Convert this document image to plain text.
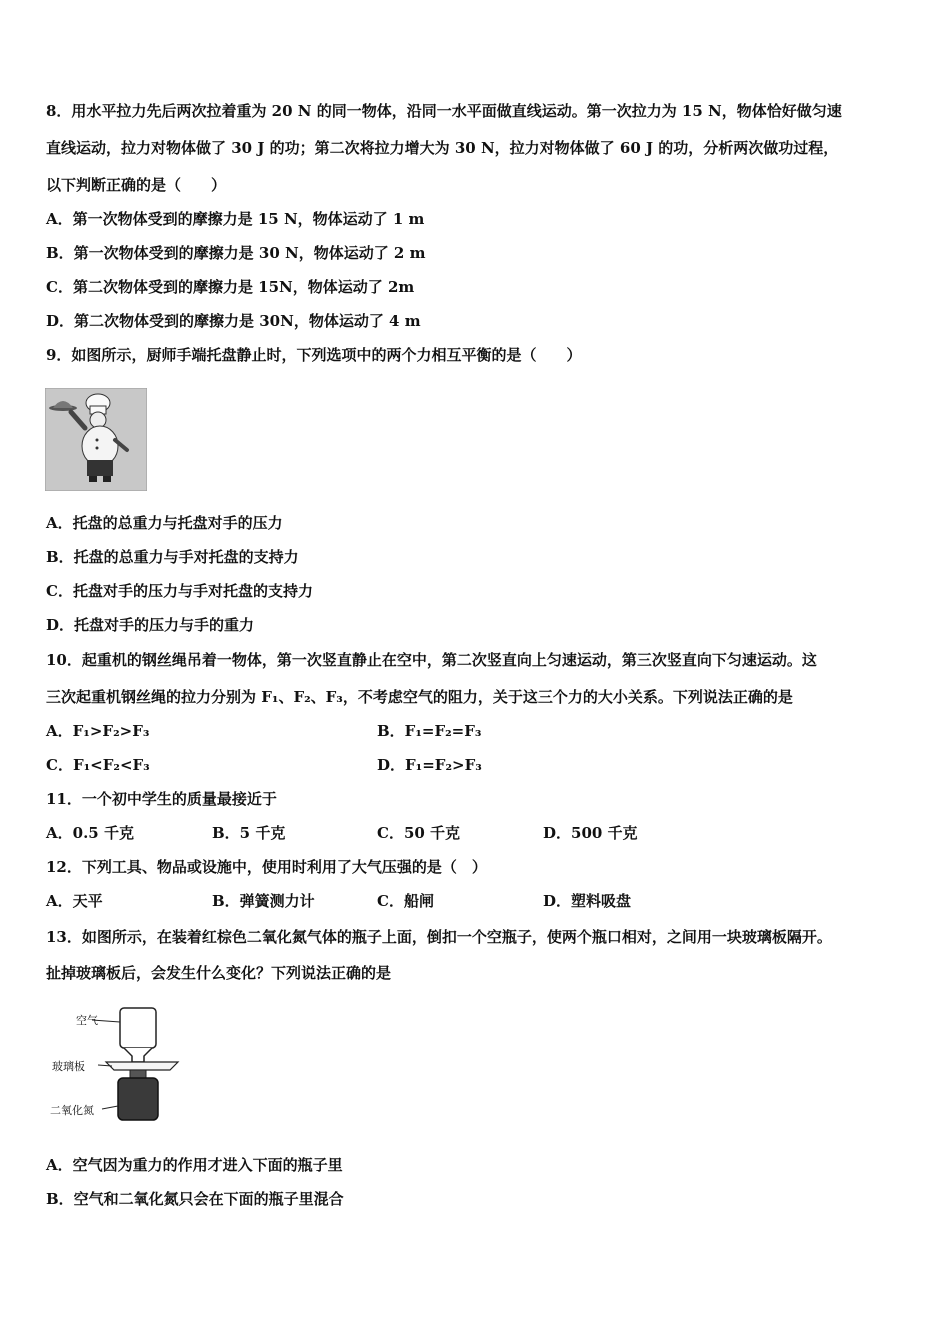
8．用水平拉力先后两次拉着重为 20 N 的同一物体，沿同一水平面做直线运动。第一次拉力为 15 N，物体恰好做匀速
直线运动，拉力对物体做了 30 J 的功；第二次将拉力增大为 30 N，拉力对物体做了 60 J 的功，分析两次做功过程，
以下判断正确的是（　　）
A．第一次物体受到的摩擦力是 15 N，物体运动了 1 m
B．第一次物体受到的摩擦力是 30 N，物体运动了 2 m
C．第二次物体受到的摩擦力是 15N，物体运动了 2m
D．第二次物体受到的摩擦力是 30N，物体运动了 4 m
9．如图所示，厨师手端托盘静止时，下列选项中的两个力相互平衡的是（　　）
A．托盘的总重力与托盘对手的压力
B．托盘的总重力与手对托盘的支持力
C．托盘对手的压力与手对托盘的支持力
D．托盘对手的压力与手的重力
10．起重机的钢丝绳吊着一物体，第一次竖直静止在空中，第二次竖直向上匀速运动，第三次竖直向下匀速运动。这
三次起重机钢丝绳的拉力分别为 F₁、F₂、F₃，不考虑空气的阻力，关于这三个力的大小关系。下列说法正确的是
A．F₁>F₂>F₃	B．F₁=F₂=F₃
C．F₁<F₂<F₃	D．F₁=F₂>F₃
11．一个初中学生的质量最接近于
A．0.5 千克	B．5 千克	C．50 千克	D．500 千克
12．下列工具、物品或设施中，使用时利用了大气压强的是（　）
A．天平	B．弹簧测力计	C．船闸	D．塑料吸盘
13．如图所示，在装着红棕色二氧化氮气体的瓶子上面，倒扣一个空瓶子，使两个瓶口相对，之间用一块玻璃板隔开。
扯掉玻璃板后，会发生什么变化？下列说法正确的是
空气
玻璃板
二氧化氮
A．空气因为重力的作用才进入下面的瓶子里
B．空气和二氧化氮只会在下面的瓶子里混合
